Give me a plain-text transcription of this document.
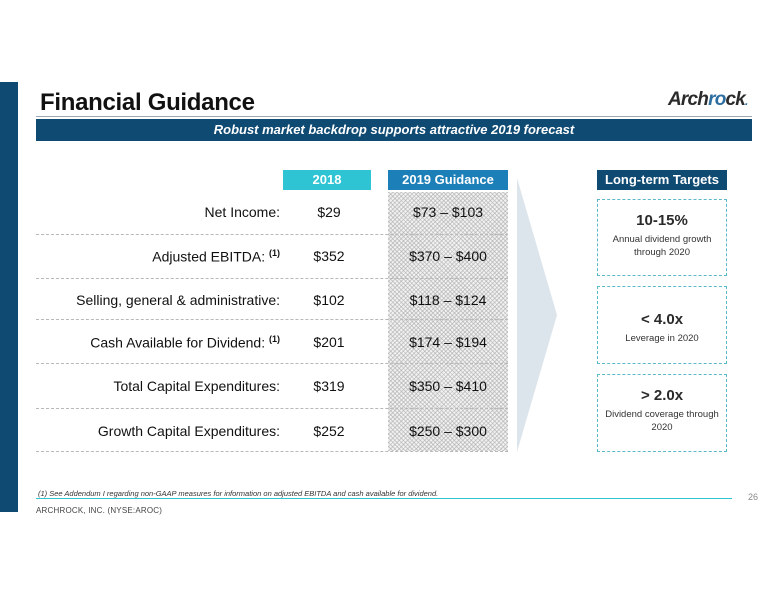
Financial Guidance	Archrock.
Robust market backdrop supports attractive 2019 forecast
2018	2019 Guidance
Net Income:	$29	$73 – $103
Adjusted EBITDA: $^{(1)}$	$352	$370 – $400
Selling, general & administrative:	$102	$118 – $124
Cash Available for Dividend: $^{(1)}$	$201	$174 – $194
Total Capital Expenditures:	$319	$350 – $410
Growth Capital Expenditures:	$252	$250 – $300
Long-term Targets
10-15%
Annual dividend growth through 2020
< 4.0x
Leverage in 2020
> 2.0x
Dividend coverage through 2020
(1) See Addendum I regarding non-GAAP measures for information on adjusted EBITDA and cash available for dividend.	26
ARCHROCK, INC. (NYSE:AROC)
